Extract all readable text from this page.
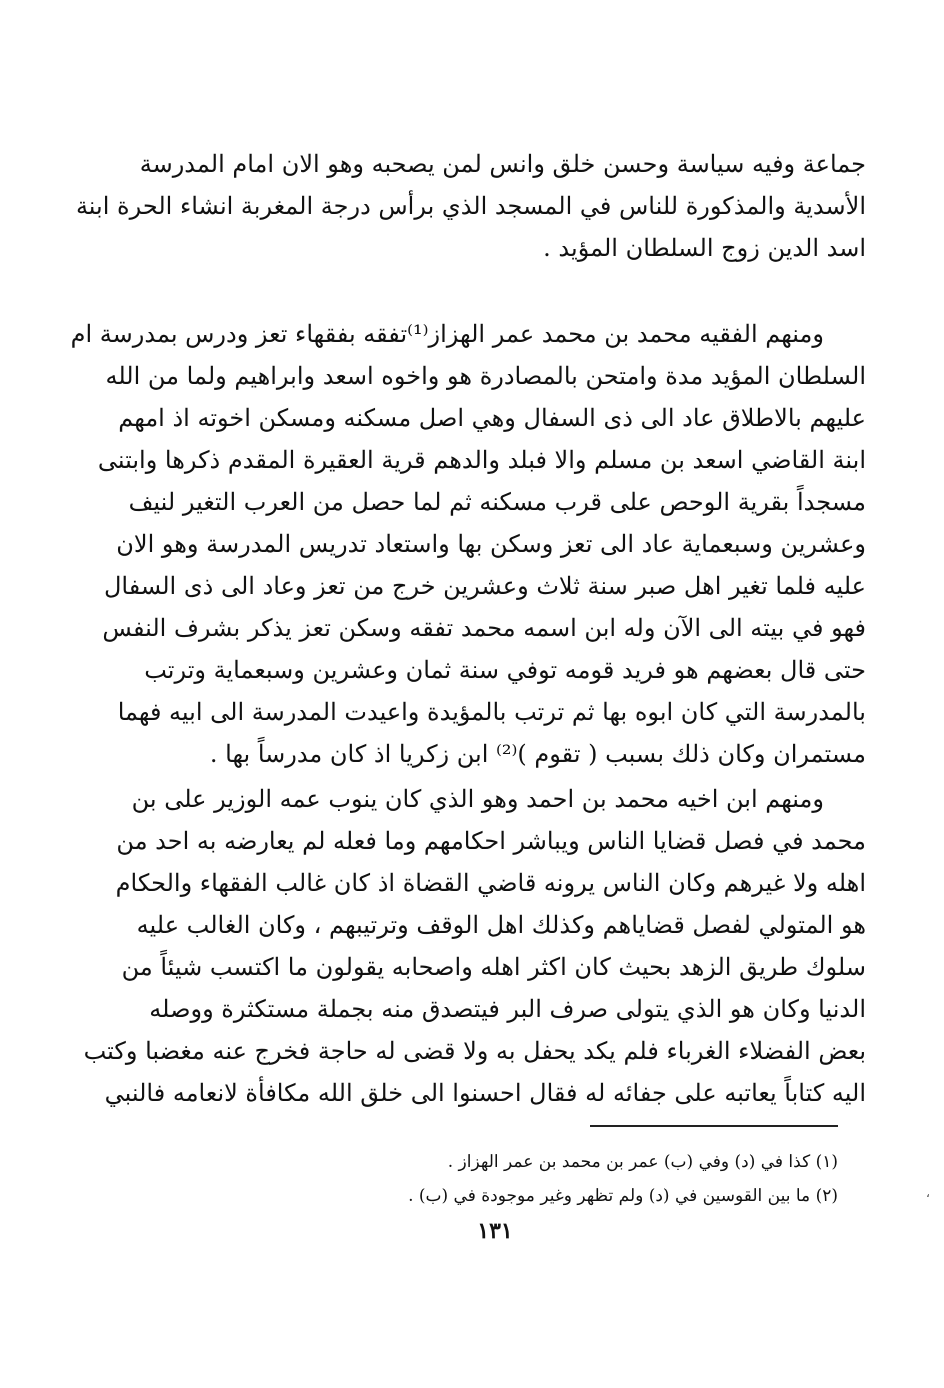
جماعة وفيه سياسة وحسن خلق وانس لمن يصحبه وهو الان امام المدرسة
الأسدية والمذكورة للناس في المسجد الذي برأس درجة المغربة انشاء الحرة ابنة
اسد الدين زوج السلطان المؤيد .
ومنهم الفقيه محمد بن محمد عمر الهزاز⁽¹⁾تفقه بفقهاء تعز ودرس بمدرسة ام
السلطان المؤيد مدة وامتحن بالمصادرة هو واخوه اسعد وابراهيم ولما من الله
عليهم بالاطلاق عاد الى ذى السفال وهي اصل مسكنه ومسكن اخوته اذ امهم
ابنة القاضي اسعد بن مسلم والا فبلد والدهم قرية العقيرة المقدم ذكرها وابتنى
مسجداً بقرية الوحص على قرب مسكنه ثم لما حصل من العرب التغير لنيف
وعشرين وسبعماية عاد الى تعز وسكن بها واستعاد تدريس المدرسة وهو الان
عليه فلما تغير اهل صبر سنة ثلاث وعشرين خرج من تعز وعاد الى ذى السفال
فهو في بيته الى الآن وله ابن اسمه محمد تفقه وسكن تعز يذكر بشرف النفس
حتى قال بعضهم هو فريد قومه توفي سنة ثمان وعشرين وسبعماية وترتب
بالمدرسة التي كان ابوه بها ثم ترتب بالمؤيدة واعيدت المدرسة الى ابيه فهما
مستمران وكان ذلك بسبب ( تقوم )⁽²⁾ ابن زكريا اذ كان مدرساً بها .
ومنهم ابن اخيه محمد بن احمد وهو الذي كان ينوب عمه الوزير على بن
محمد في فصل قضايا الناس ويباشر احكامهم وما فعله لم يعارضه به احد من
اهله ولا غيرهم وكان الناس يرونه قاضي القضاة اذ كان غالب الفقهاء والحكام
هو المتولي لفصل قضاياهم وكذلك اهل الوقف وترتيبهم ، وكان الغالب عليه
سلوك طريق الزهد بحيث كان اكثر اهله واصحابه يقولون ما اكتسب شيئاً من
الدنيا وكان هو الذي يتولى صرف البر فيتصدق منه بجملة مستكثرة ووصله
بعض الفضلاء الغرباء فلم يكد يحفل به ولا قضى له حاجة فخرج عنه مغضبا وكتب
اليه كتاباً يعاتبه على جفائه له فقال احسنوا الى خلق الله مكافأة لانعامه فالنبي
(١) كذا في (د) وفي (ب) عمر بن محمد بن عمر الهزاز .
(٢) ما بين القوسين في (د) ولم تظهر وغير موجودة في (ب) .
١٣١
،
